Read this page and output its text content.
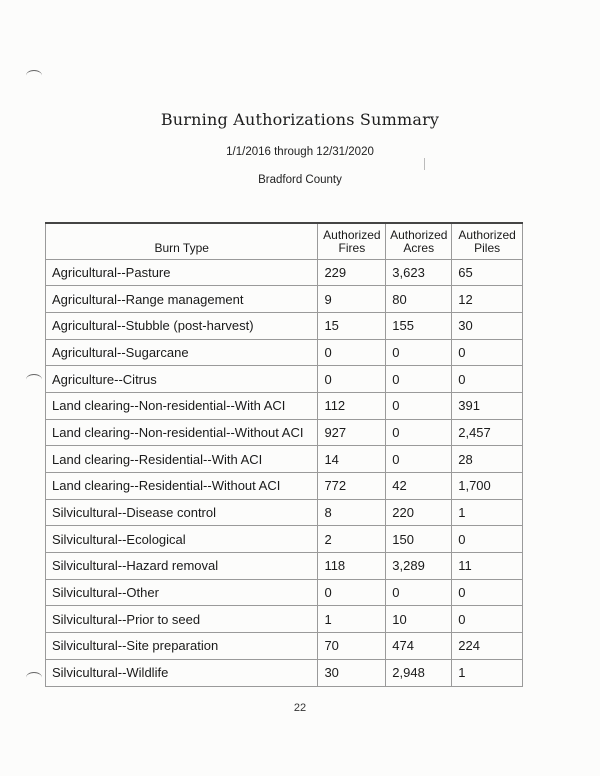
Burning Authorizations Summary
1/1/2016 through 12/31/2020
Bradford County
Burn Type	Authorized Fires	Authorized Acres	Authorized Piles
Agricultural--Pasture	229	3,623	65
Agricultural--Range management	9	80	12
Agricultural--Stubble (post-harvest)	15	155	30
Agricultural--Sugarcane	0	0	0
Agriculture--Citrus	0	0	0
Land clearing--Non-residential--With ACI	112	0	391
Land clearing--Non-residential--Without ACI	927	0	2,457
Land clearing--Residential--With ACI	14	0	28
Land clearing--Residential--Without ACI	772	42	1,700
Silvicultural--Disease control	8	220	1
Silvicultural--Ecological	2	150	0
Silvicultural--Hazard removal	118	3,289	11
Silvicultural--Other	0	0	0
Silvicultural--Prior to seed	1	10	0
Silvicultural--Site preparation	70	474	224
Silvicultural--Wildlife	30	2,948	1
22
